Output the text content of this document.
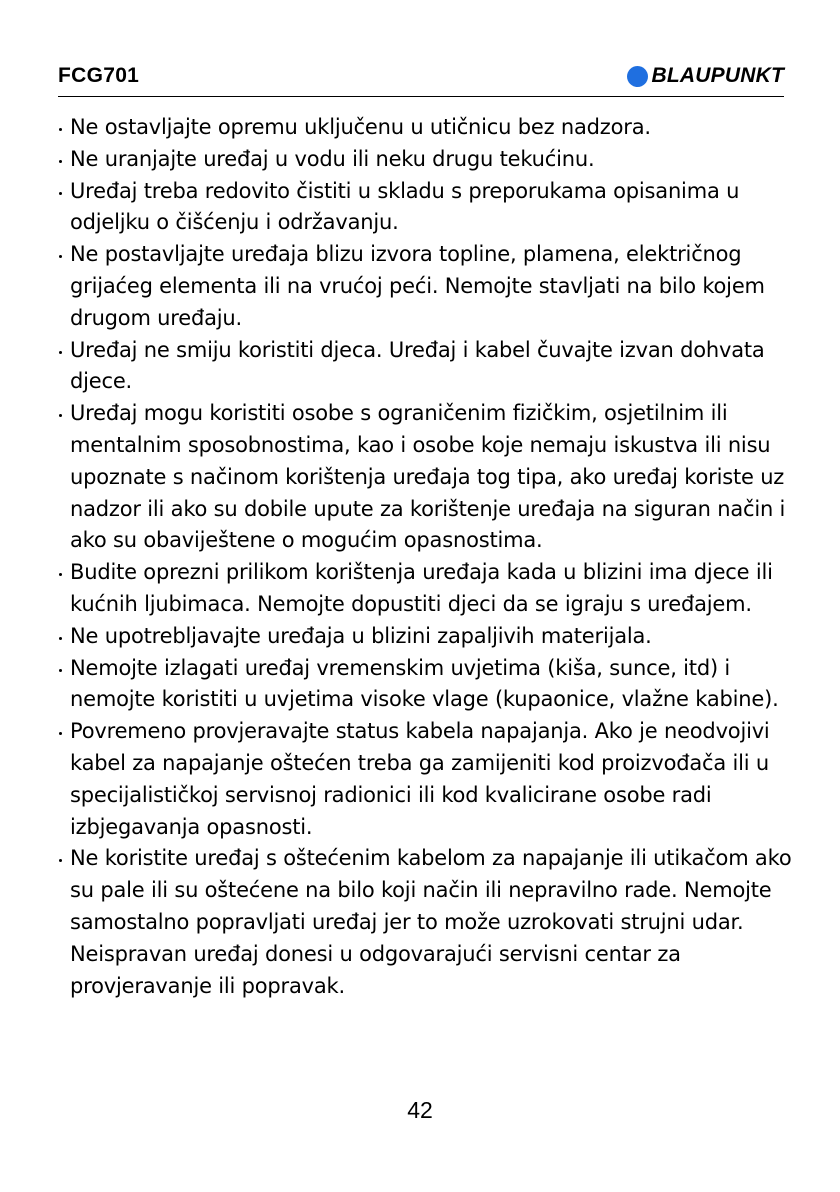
FCG701	BLAUPUNKT
Ne ostavljajte opremu uključenu u utičnicu bez nadzora.
Ne uranjajte uređaj u vodu ili neku drugu tekućinu.
Uređaj treba redovito čistiti u skladu s preporukama opisanima u odjeljku o čišćenju i održavanju.
Ne postavljajte uređaja blizu izvora topline, plamena, električnog grijaćeg elementa ili na vrućoj peći. Nemojte stavljati na bilo kojem drugom uređaju.
Uređaj ne smiju koristiti djeca. Uređaj i kabel čuvajte izvan dohvata djece.
Uređaj mogu koristiti osobe s ograničenim fizičkim, osjetilnim ili mentalnim sposobnostima, kao i osobe koje nemaju iskustva ili nisu upoznate s načinom korištenja uređaja tog tipa, ako uređaj koriste uz nadzor ili ako su dobile upute za korištenje uređaja na siguran način i ako su obaviještene o mogućim opasnostima.
Budite oprezni prilikom korištenja uređaja kada u blizini ima djece ili kućnih ljubimaca. Nemojte dopustiti djeci da se igraju s uređajem.
Ne upotrebljavajte uređaja u blizini zapaljivih materijala.
Nemojte izlagati uređaj vremenskim uvjetima (kiša, sunce, itd) i nemojte koristiti u uvjetima visoke vlage (kupaonice, vlažne kabine).
Povremeno provjeravajte status kabela napajanja. Ako je neodvojivi kabel za napajanje oštećen treba ga zamijeniti kod proizvođača ili u specijalističkoj servisnoj radionici ili kod kvalicirane osobe radi izbjegavanja opasnosti.
Ne koristite uređaj s oštećenim kabelom za napajanje ili utikačom ako su pale ili su oštećene na bilo koji način ili nepravilno rade. Nemojte samostalno popravljati uređaj jer to može uzrokovati strujni udar. Neispravan uređaj donesi u odgovarajući servisni centar za provjeravanje ili popravak.
42
